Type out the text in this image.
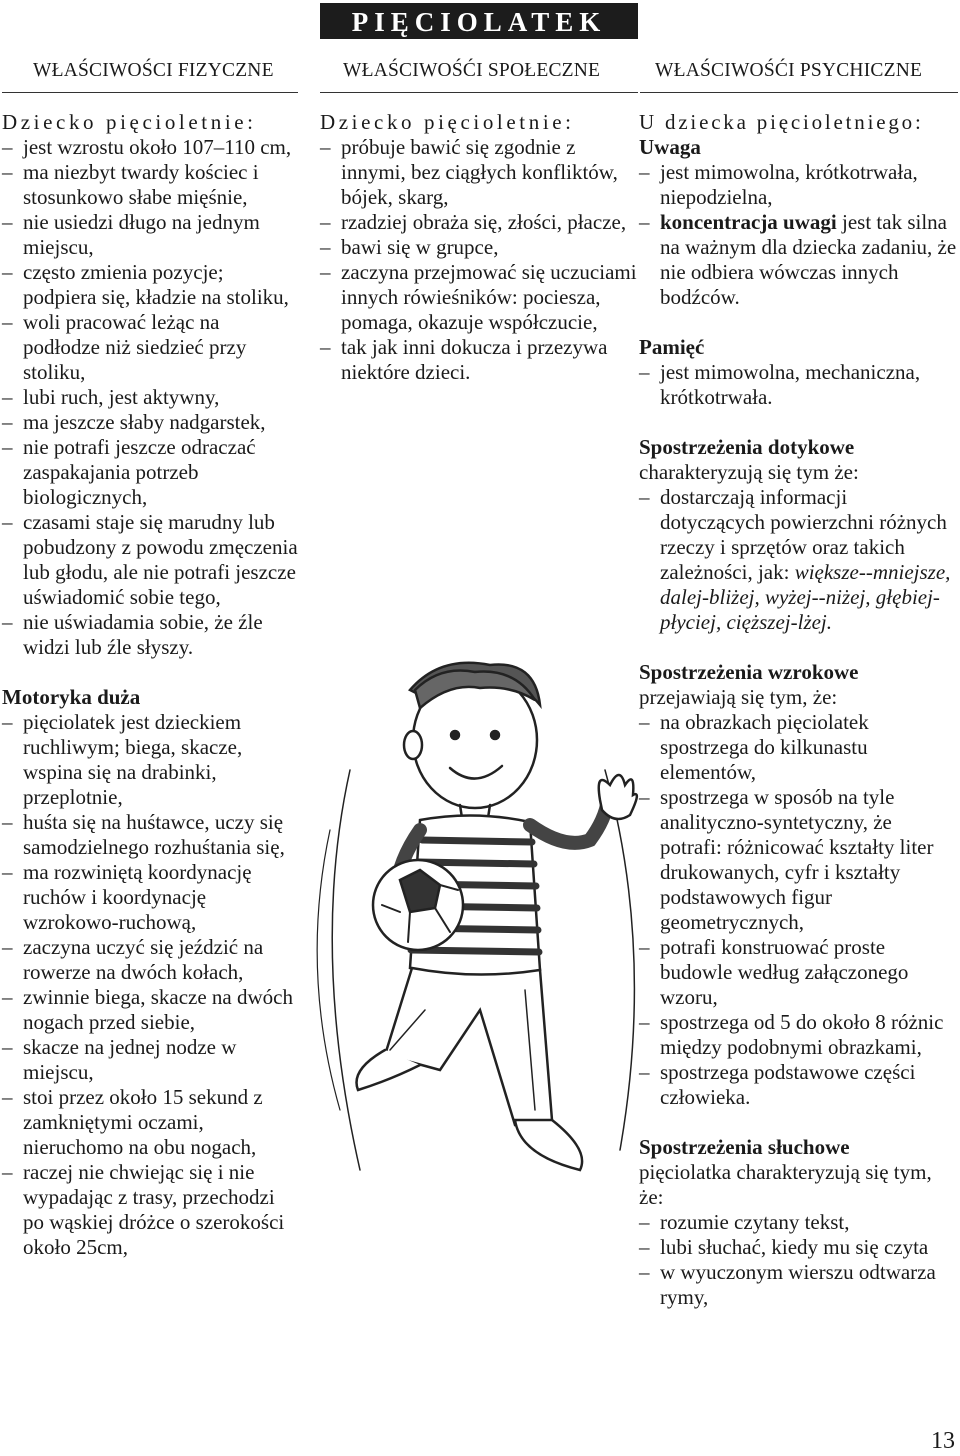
PIĘCIOLATEK
WŁAŚCIWOŚCI FIZYCZNE	WŁAŚCIWOŚĆI SPOŁECZNE	WŁAŚCIWOŚĆI PSYCHICZNE

Dziecko pięcioletnie:

– jest wzrostu około 107–110 cm,
– ma niezbyt twardy kościec i stosunkowo słabe mięśnie,
– nie usiedzi długo na jednym miejscu,
– często zmienia pozycje; podpiera się, kładzie na stoliku,
– woli pracować leżąc na podłodze niż siedzieć przy stoliku,
– lubi ruch, jest aktywny,
– ma jeszcze słaby nadgarstek,
– nie potrafi jeszcze odraczać zaspakajania potrzeb biologicznych,
– czasami staje się marudny lub pobudzony z powodu zmęczenia lub głodu, ale nie potrafi jeszcze uświadomić sobie tego,
– nie uświadamia sobie, że źle widzi lub źle słyszy.

Motoryka duża

– pięciolatek jest dzieckiem ruchliwym; biega, skacze, wspina się na drabinki, przeplotnie,
– huśta się na huśtawce, uczy się samodzielnego rozhuśtania się,
– ma rozwiniętą koordynację ruchów i koordynację wzrokowo-ruchową,
– zaczyna uczyć się jeździć na rowerze na dwóch kołach,
– zwinnie biega, skacze na dwóch nogach przed siebie,
– skacze na jednej nodze w miejscu,
– stoi przez około 15 sekund z zamkniętymi oczami, nieruchomo na obu nogach,
– raczej nie chwiejąc się i nie wypadając z trasy, przechodzi po wąskiej dróżce o szerokości około 25cm,

Dziecko pięcioletnie:

– próbuje bawić się zgodnie z innymi, bez ciągłych konfliktów, bójek, skarg,
– rzadziej obraża się, złości, płacze,
– bawi się w grupce,
– zaczyna przejmować się uczuciami innych rówieśników: pociesza, pomaga, okazuje współczucie,
– tak jak inni dokucza i przezywa niektóre dzieci.

U dziecka pięcioletniego:

Uwaga

– jest mimowolna, krótkotrwała, niepodzielna,
– koncentracja uwagi jest tak silna na ważnym dla dziecka zadaniu, że nie odbiera wówczas innych bodźców.

Pamięć

– jest mimowolna, mechaniczna, krótkotrwała.

Spostrzeżenia dotykowe

charakteryzują się tym że:

– dostarczają informacji dotyczących powierzchni różnych rzeczy i sprzętów oraz takich zależności, jak: większe--mniejsze, dalej-bliżej, wyżej--niżej, głębiej-płyciej, cięższej-lżej.

Spostrzeżenia wzrokowe

przejawiają się tym, że:

– na obrazkach pięciolatek spostrzega do kilkunastu elementów,
– spostrzega w sposób na tyle analityczno-syntetyczny, że potrafi: różnicować kształty liter drukowanych, cyfr i kształty podstawowych figur geometrycznych,
– potrafi konstruować proste budowle według załączonego wzoru,
– spostrzega od 5 do około 8 różnic między podobnymi obrazkami,
– spostrzega podstawowe części człowieka.

Spostrzeżenia słuchowe

pięciolatka charakteryzują się tym, że:

– rozumie czytany tekst,
– lubi słuchać, kiedy mu się czyta
– w wyuczonym wierszu odtwarza rymy,
13
